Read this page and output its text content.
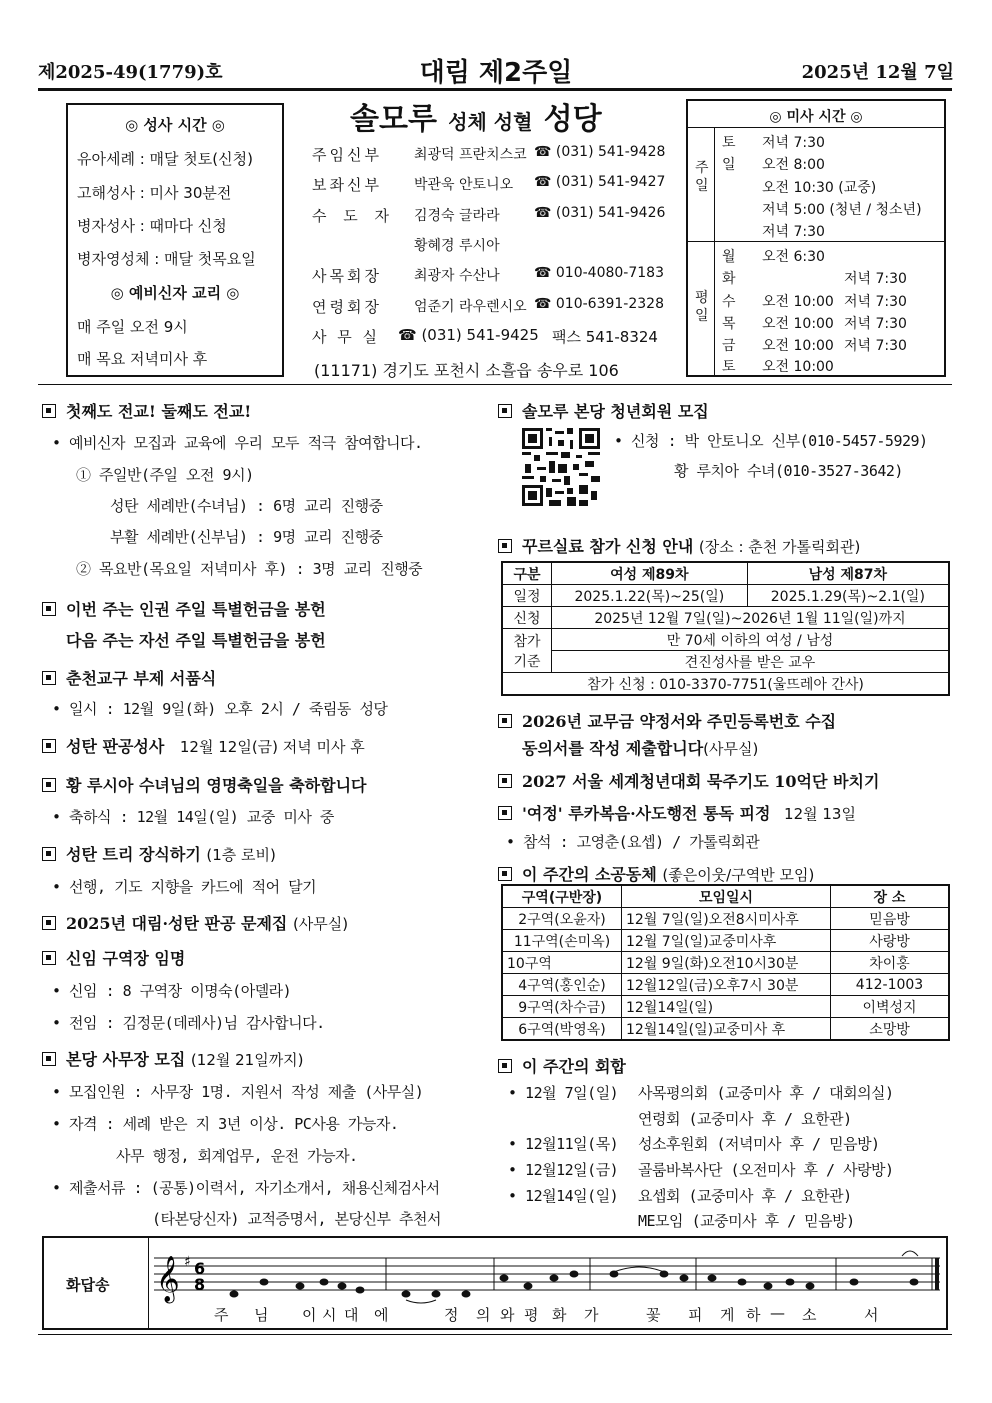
제2025-49(1779)호	대림 제2주일	2025년 12월 7일
◎ 성사 시간 ◎
유아세례 : 매달 첫토(신청)
고해성사 : 미사 30분전
병자성사 : 때마다 신청
병자영성체 : 매달 첫목요일
◎ 예비신자 교리 ◎
매 주일 오전 9시
매 목요 저녁미사 후
솔모루 성체 성혈 성당
주임신부 최광덕 프란치스코 ☎ (031) 541-9428
보좌신부 박관욱 안토니오 ☎ (031) 541-9427
수 도 자 김경숙 글라라 ☎ (031) 541-9426
황혜경 루시아
사목회장 최광자 수산나 ☎ 010-4080-7183
연령회장 엄준기 라우렌시오 ☎ 010-6391-2328
사 무 실 ☎ (031) 541-9425 팩스 541-8324
(11171) 경기도 포천시 소흘읍 송우로 106
◎ 미사 시간 ◎
주일
평일
토 저녁 7:30
일 오전 8:00
오전 10:30 (교중)
저녁 5:00 (청년 / 청소년)
저녁 7:30
월 오전 6:30
화	저녁 7:30
수 오전 10:00 저녁 7:30
목 오전 10:00 저녁 7:30
금 오전 10:00 저녁 7:30
토 오전 10:00
첫째도 전교! 둘째도 전교!
• 예비신자 모집과 교육에 우리 모두 적극 참여합니다.
① 주일반(주일 오전 9시)
성탄 세례반(수녀님) : 6명 교리 진행중
부활 세례반(신부님) : 9명 교리 진행중
② 목요반(목요일 저녁미사 후) : 3명 교리 진행중
이번 주는 인권 주일 특별헌금을 봉헌
다음 주는 자선 주일 특별헌금을 봉헌
춘천교구 부제 서품식
• 일시 : 12월 9일(화) 오후 2시 / 죽림동 성당
성탄 판공성사 12월 12일(금) 저녁 미사 후
황 루시아 수녀님의 영명축일을 축하합니다
• 축하식 : 12월 14일(일) 교중 미사 중
성탄 트리 장식하기 (1층 로비)
• 선행, 기도 지향을 카드에 적어 달기
2025년 대림·성탄 판공 문제집 (사무실)
신임 구역장 임명
• 신임 : 8 구역장 이명숙(아델라)
• 전임 : 김정문(데레사)님 감사합니다.
본당 사무장 모집 (12월 21일까지)
• 모집인원 : 사무장 1명. 지원서 작성 제출 (사무실)
• 자격 : 세례 받은 지 3년 이상. PC사용 가능자.
사무 행정, 회계업무, 운전 가능자.
• 제출서류 : (공통)이력서, 자기소개서, 채용신체검사서
(타본당신자) 교적증명서, 본당신부 추천서
솔모루 본당 청년회원 모집
• 신청 : 박 안토니오 신부(010-5457-5929)
황 루치아 수녀(010-3527-3642)
꾸르실료 참가 신청 안내 (장소 : 춘천 가톨릭회관)
구분	여성 제89차	남성 제87차
일정	2025.1.22(목)~25(일)	2025.1.29(목)~2.1(일)
신청	2025년 12월 7일(일)~2026년 1월 11일(일)까지	

참가
기준	만 70세 이하의 여성 / 남성	
	견진성사를 받은 교우	
참가 신청 : 010-3370-7751(울뜨레아 간사)		
2026년 교무금 약정서와 주민등록번호 수집
동의서를 작성 제출합니다(사무실)
2027 서울 세계청년대회 묵주기도 10억단 바치기
'여정' 루카복음·사도행전 통독 피정 12월 13일
• 참석 : 고영춘(요셉) / 가톨릭회관
이 주간의 소공동체 (좋은이웃/구역반 모임)
구역(구반장)	모임일시	장 소
2구역(오윤자)	12월 7일(일)오전8시미사후	믿음방
11구역(손미옥)	12월 7일(일)교중미사후	사랑방
10구역	12월 9일(화)오전10시30분	차이홍
4구역(홍인순)	12월12일(금)오후7시 30분	412-1003
9구역(차수금)	12월14일(일)	이벽성지
6구역(박영옥)	12월14일(일)교중미사 후	소망방
이 주간의 회합
• 12월 7일(일) 사목평의회 (교중미사 후 / 대회의실)
연령회 (교중미사 후 / 요한관)
• 12월11일(목) 성소후원회 (저녁미사 후 / 믿음방)
• 12월12일(금) 골룸바복사단 (오전미사 후 / 사랑방)
• 12월14일(일) 요셉회 (교중미사 후 / 요한관)
ME모임 (교중미사 후 / 믿음방)
화답송 𝄞 ♯ 6
8
주 님 이 시 대 에	정 의 와 평 화 가	꽃 피 게 하 — 소	서
